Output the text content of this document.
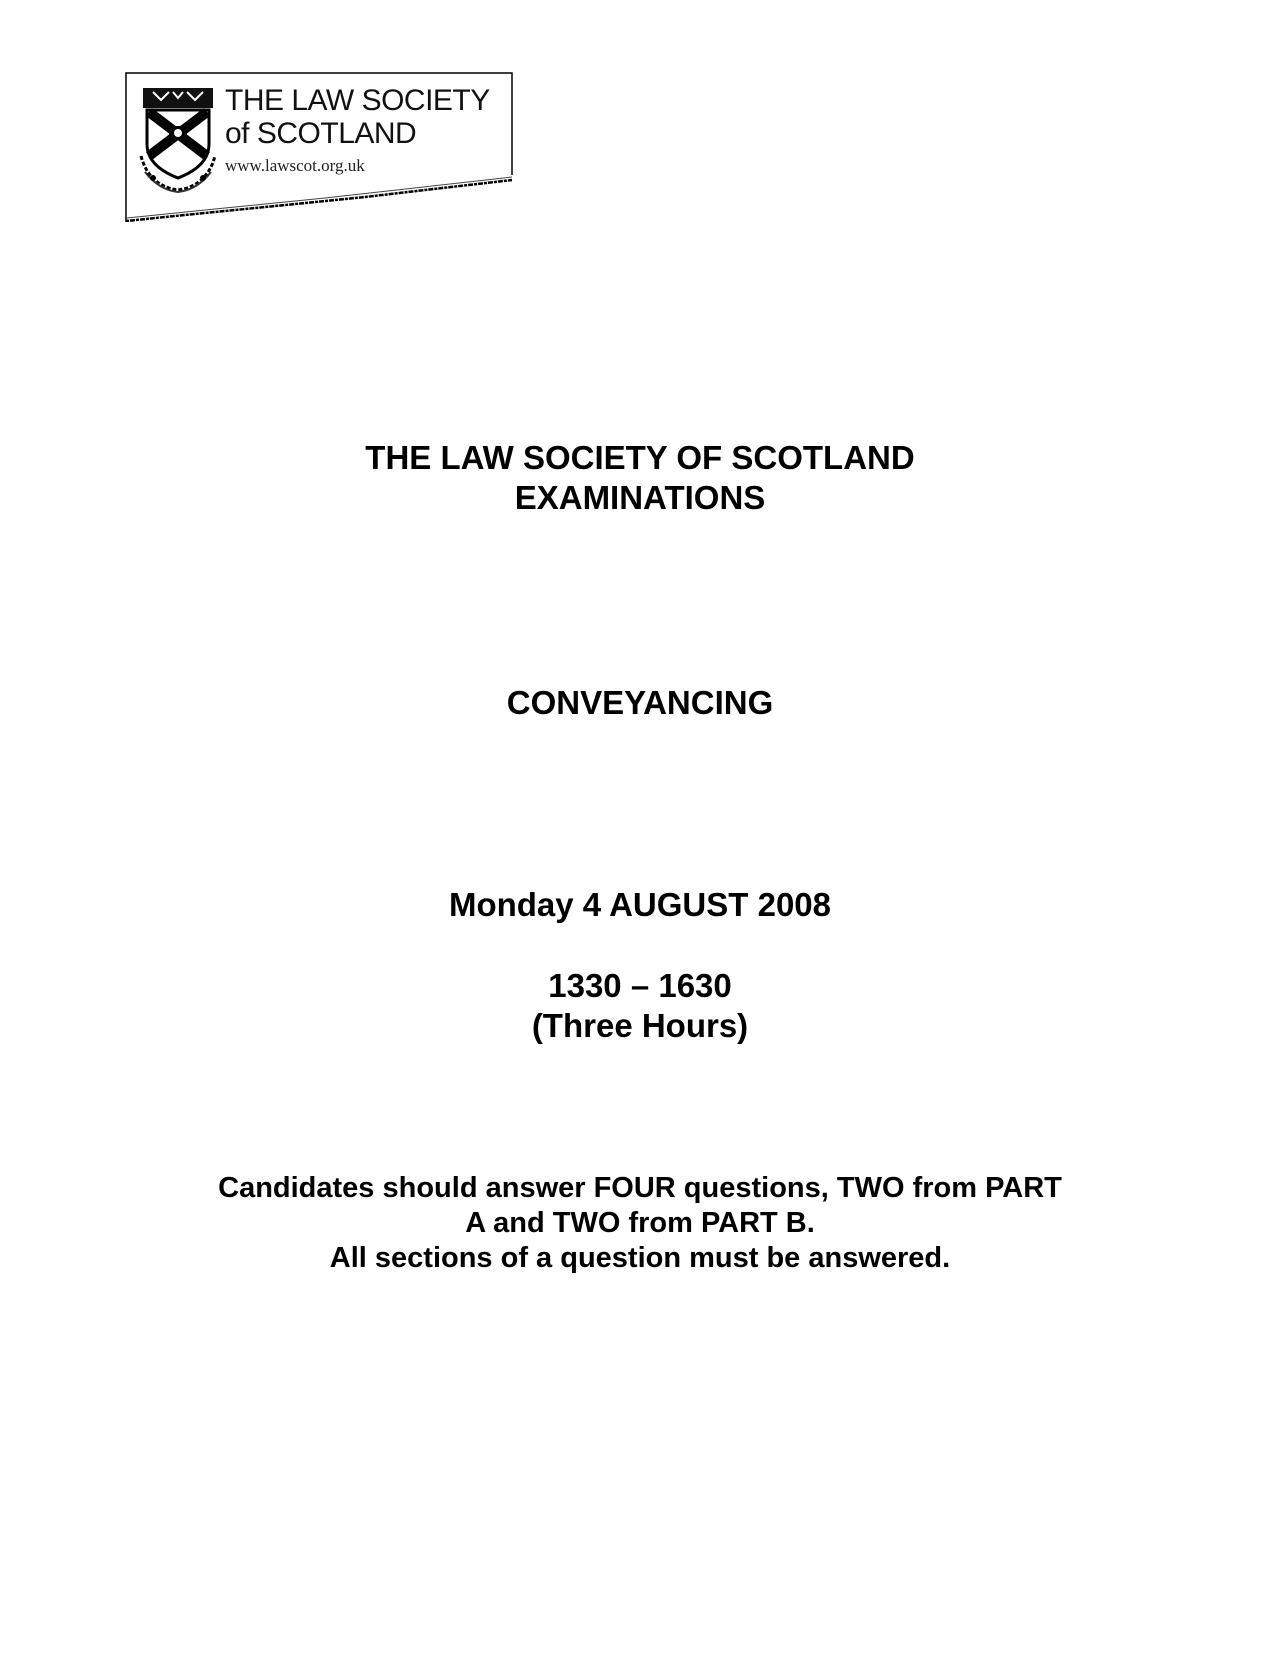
THE LAW SOCIETY
of SCOTLAND
www.lawscot.org.uk
THE LAW SOCIETY OF SCOTLAND
EXAMINATIONS
CONVEYANCING
Monday 4 AUGUST 2008
1330 – 1630
(Three Hours)
Candidates should answer FOUR questions, TWO from PART
A and TWO from PART B.
All sections of a question must be answered.
